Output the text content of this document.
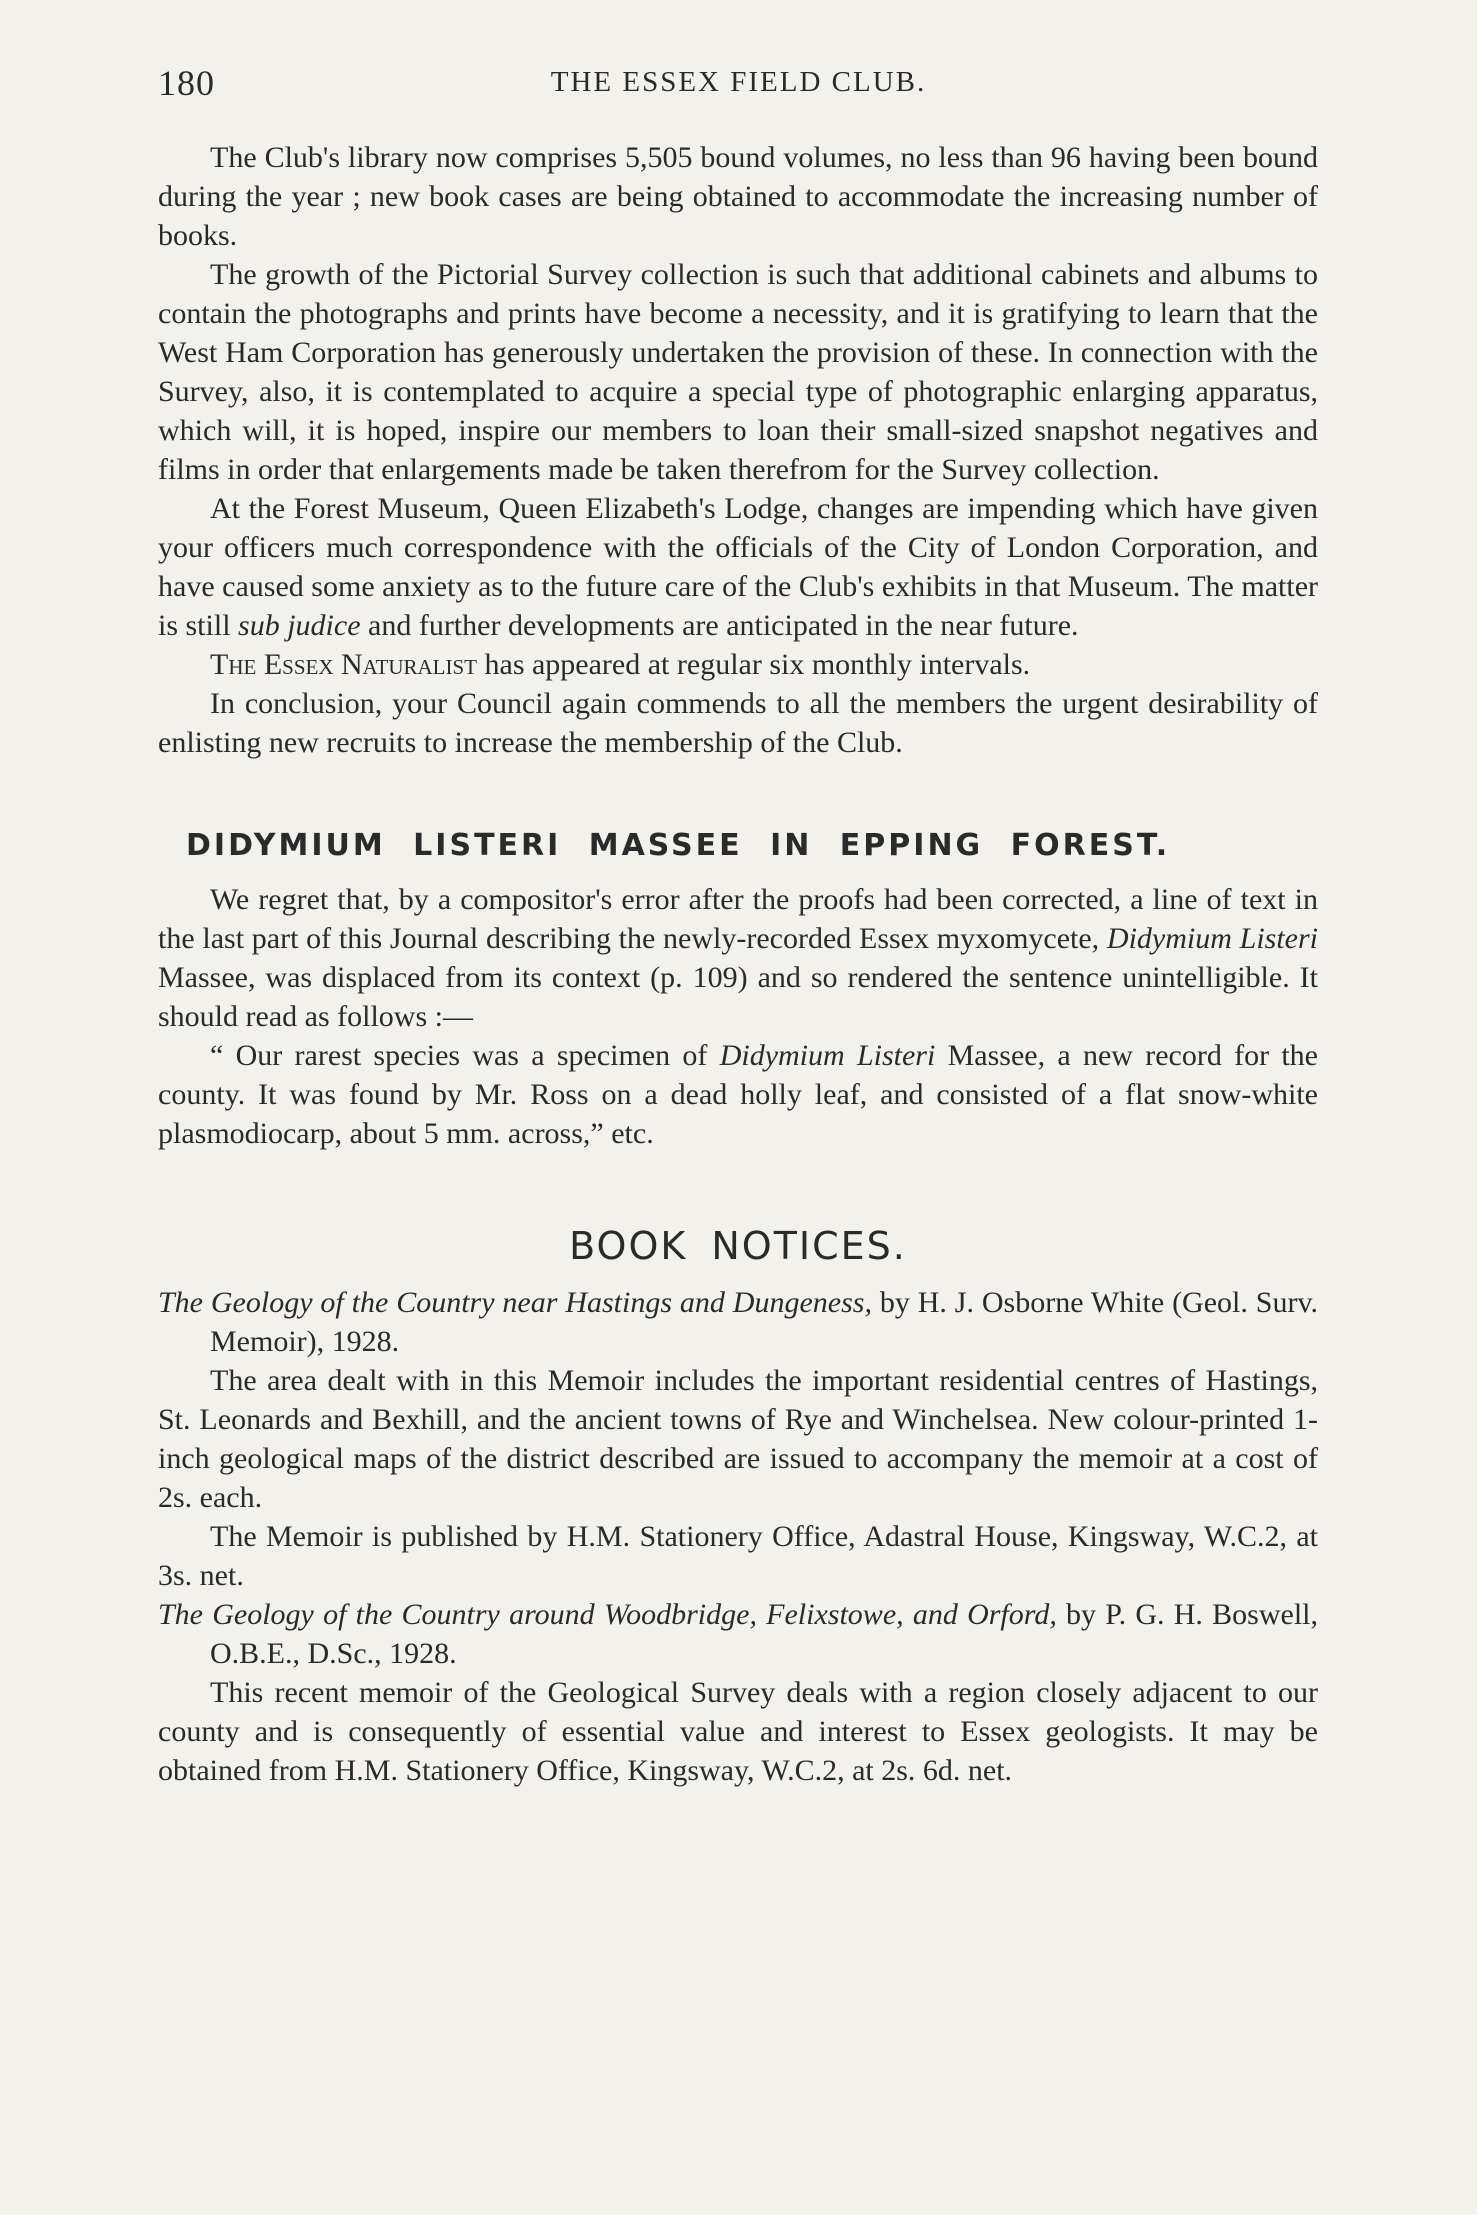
180	THE ESSEX FIELD CLUB.

The Club's library now comprises 5,505 bound volumes, no less than 96 having been bound during the year ; new book cases are being obtained to accommodate the increasing number of books.

The growth of the Pictorial Survey collection is such that additional cabinets and albums to contain the photographs and prints have become a necessity, and it is gratifying to learn that the West Ham Corporation has generously undertaken the provision of these. In connection with the Survey, also, it is contemplated to acquire a special type of photographic enlarging apparatus, which will, it is hoped, inspire our members to loan their small-sized snapshot negatives and films in order that enlargements made be taken therefrom for the Survey collection.

At the Forest Museum, Queen Elizabeth's Lodge, changes are impending which have given your officers much correspondence with the officials of the City of London Corporation, and have caused some anxiety as to the future care of the Club's exhibits in that Museum. The matter is still sub judice and further developments are anticipated in the near future.

The Essex Naturalist has appeared at regular six monthly intervals.

In conclusion, your Council again commends to all the members the urgent desirability of enlisting new recruits to increase the membership of the Club.

DIDYMIUM LISTERI MASSEE IN EPPING FOREST.

We regret that, by a compositor's error after the proofs had been corrected, a line of text in the last part of this Journal describing the newly-recorded Essex myxomycete, Didymium Listeri Massee, was displaced from its context (p. 109) and so rendered the sentence unintelligible. It should read as follows :—

“ Our rarest species was a specimen of Didymium Listeri Massee, a new record for the county. It was found by Mr. Ross on a dead holly leaf, and consisted of a flat snow-white plasmodiocarp, about 5 mm. across,” etc.

BOOK NOTICES.

The Geology of the Country near Hastings and Dungeness, by H. J. Osborne White (Geol. Surv. Memoir), 1928.

The area dealt with in this Memoir includes the important residential centres of Hastings, St. Leonards and Bexhill, and the ancient towns of Rye and Winchelsea. New colour-printed 1-inch geological maps of the district described are issued to accompany the memoir at a cost of 2s. each.

The Memoir is published by H.M. Stationery Office, Adastral House, Kingsway, W.C.2, at 3s. net.

The Geology of the Country around Woodbridge, Felixstowe, and Orford, by P. G. H. Boswell, O.B.E., D.Sc., 1928.

This recent memoir of the Geological Survey deals with a region closely adjacent to our county and is consequently of essential value and interest to Essex geologists. It may be obtained from H.M. Stationery Office, Kingsway, W.C.2, at 2s. 6d. net.
